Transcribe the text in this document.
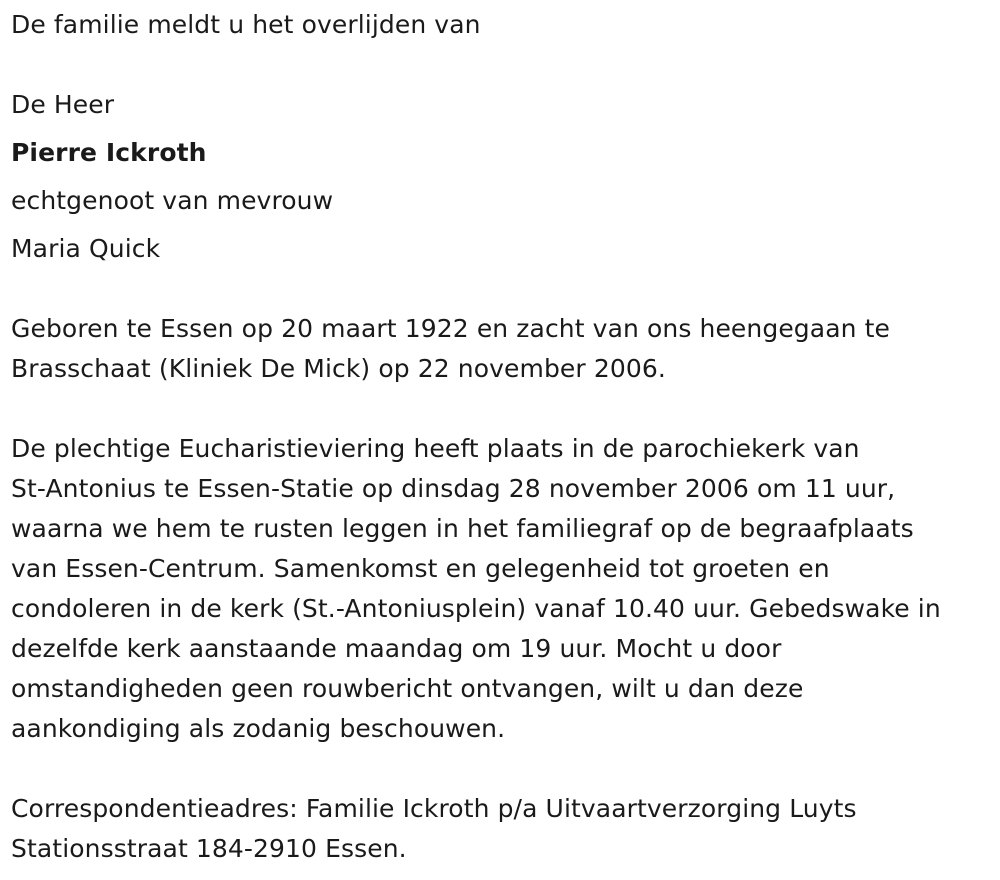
De familie meldt u het overlijden van
De Heer
Pierre Ickroth
echtgenoot van mevrouw
Maria Quick
Geboren te Essen op 20 maart 1922 en zacht van ons heengegaan te
Brasschaat (Kliniek De Mick) op 22 november 2006.
De plechtige Eucharistieviering heeft plaats in de parochiekerk van
St-Antonius te Essen-Statie op dinsdag 28 november 2006 om 11 uur,
waarna we hem te rusten leggen in het familiegraf op de begraafplaats
van Essen-Centrum. Samenkomst en gelegenheid tot groeten en
condoleren in de kerk (St.-Antoniusplein) vanaf 10.40 uur. Gebedswake in
dezelfde kerk aanstaande maandag om 19 uur. Mocht u door
omstandigheden geen rouwbericht ontvangen, wilt u dan deze
aankondiging als zodanig beschouwen.
Correspondentieadres: Familie Ickroth p/a Uitvaartverzorging Luyts
Stationsstraat 184-2910 Essen.
